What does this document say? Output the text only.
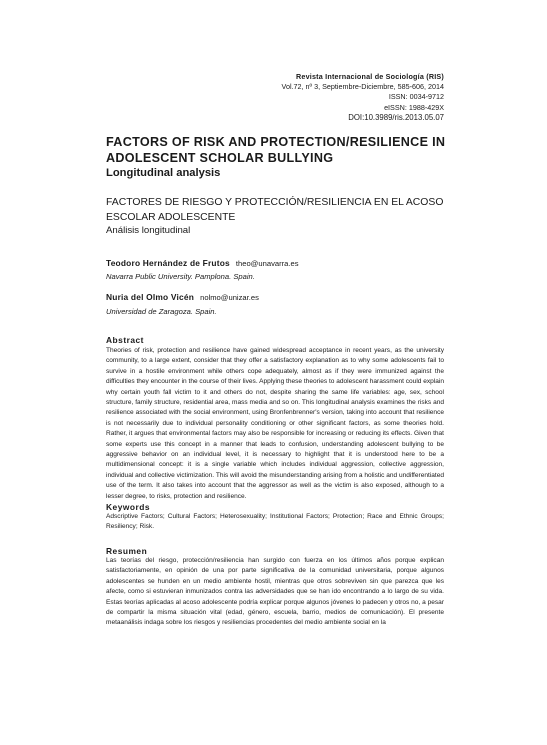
Revista Internacional de Sociología (RIS)
Vol.72, nº 3, Septiembre-Diciembre, 585-606, 2014
ISSN: 0034-9712
eISSN: 1988-429X
DOI:10.3989/ris.2013.05.07
FACTORS OF RISK AND PROTECTION/RESILIENCE IN ADOLESCENT SCHOLAR BULLYING
Longitudinal analysis
FACTORES DE RIESGO Y PROTECCIÓN/RESILIENCIA EN EL ACOSO ESCOLAR ADOLESCENTE
Análisis longitudinal
Teodoro Hernández de Frutos theo@unavarra.es
Navarra Public University. Pamplona. Spain.
Nuria del Olmo Vicén nolmo@unizar.es
Universidad de Zaragoza. Spain.
Abstract
Theories of risk, protection and resilience have gained widespread acceptance in recent years, as the university community, to a large extent, consider that they offer a satisfactory explanation as to why some adolescents fail to survive in a hostile environment while others cope adequately, almost as if they were immunized against the difficulties they encounter in the course of their lives. Applying these theories to adolescent harassment could explain why certain youth fall victim to it and others do not, despite sharing the same life variables: age, sex, school structure, family structure, residential area, mass media and so on. This longitudinal analysis examines the risks and resilience associated with the social environment, using Bronfenbrenner's version, taking into account that resilience is not necessarily due to individual personality conditioning or other significant factors, as some theories hold. Rather, it argues that environmental factors may also be responsible for increasing or reducing its effects. Given that some experts use this concept in a manner that leads to confusion, understanding adolescent bullying to be aggressive behavior on an individual level, it is necessary to highlight that it is understood here to be a multidimensional concept: it is a single variable which includes individual aggression, collective aggression, individual and collective victimization. This will avoid the misunderstanding arising from a holistic and undifferentiated use of the term. It also takes into account that the aggressor as well as the victim is also exposed, although to a lesser degree, to risks, protection and resilience.
Keywords
Adscriptive Factors; Cultural Factors; Heterosexuality; Institutional Factors; Protection; Race and Ethnic Groups; Resiliency; Risk.
Resumen
Las teorías del riesgo, protección/resiliencia han surgido con fuerza en los últimos años porque explican satisfactoriamente, en opinión de una por parte significativa de la comunidad universitaria, porque algunos adolescentes se hunden en un medio ambiente hostil, mientras que otros sobreviven sin que parezca que les afecte, como si estuvieran inmunizados contra las adversidades que se han ido encontrando a lo largo de su vida. Estas teorías aplicadas al acoso adolescente podría explicar porque algunos jóvenes lo padecen y otros no, a pesar de compartir la misma situación vital (edad, género, escuela, barrio, medios de comunicación). El presente metaanálisis indaga sobre los riesgos y resiliencias procedentes del medio ambiente social en la
